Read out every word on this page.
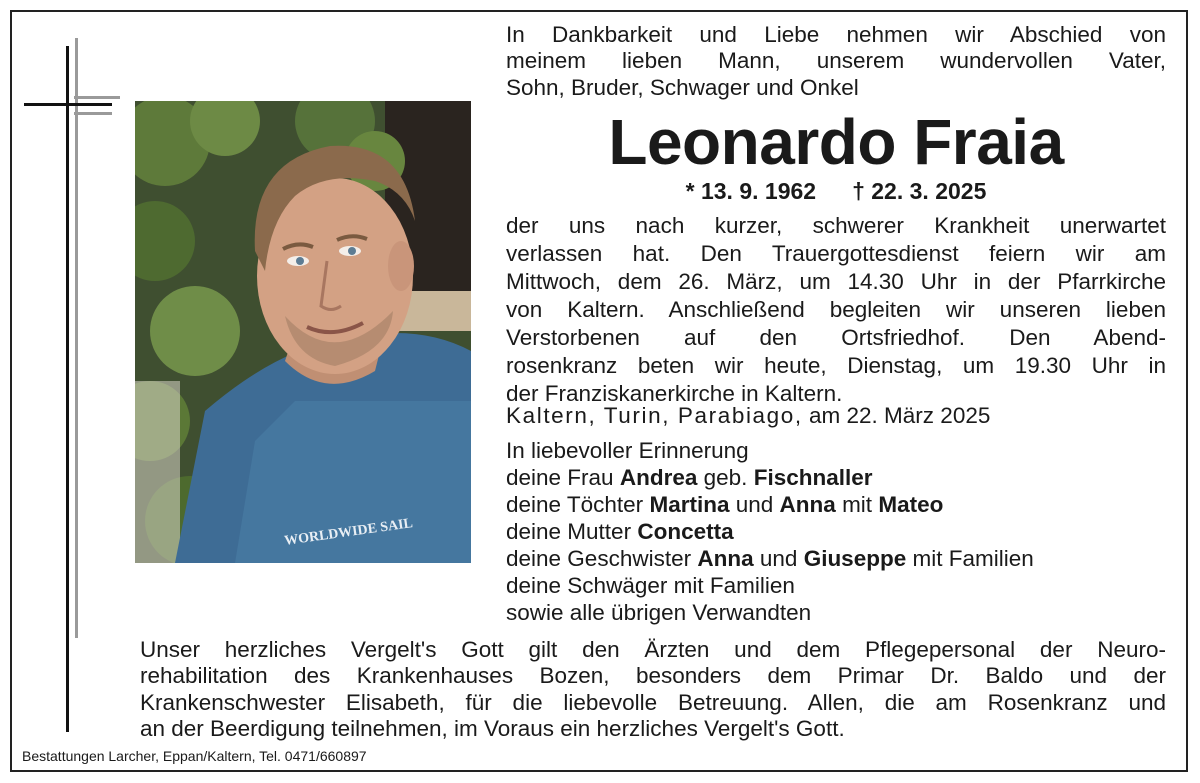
WORLDWIDE SAIL
In Dankbarkeit und Liebe nehmen wir Abschied von
meinem lieben Mann, unserem wundervollen Vater,
Sohn, Bruder, Schwager und Onkel
Leonardo Fraia
* 13. 9. 1962 † 22. 3. 2025
der uns nach kurzer, schwerer Krankheit unerwartet
verlassen hat. Den Trauergottesdienst feiern wir am
Mittwoch, dem 26. März, um 14.30 Uhr in der Pfarrkirche
von Kaltern. Anschließend begleiten wir unseren lieben
Verstorbenen auf den Ortsfriedhof. Den Abend-
rosenkranz beten wir heute, Dienstag, um 19.30 Uhr in
der Franziskanerkirche in Kaltern.
Kaltern, Turin, Parabiago, am 22. März 2025
In liebevoller Erinnerung
deine Frau Andrea geb. Fischnaller
deine Töchter Martina und Anna mit Mateo
deine Mutter Concetta
deine Geschwister Anna und Giuseppe mit Familien
deine Schwäger mit Familien
sowie alle übrigen Verwandten
Unser herzliches Vergelt's Gott gilt den Ärzten und dem Pflegepersonal der Neuro-
rehabilitation des Krankenhauses Bozen, besonders dem Primar Dr. Baldo und der
Krankenschwester Elisabeth, für die liebevolle Betreuung. Allen, die am Rosenkranz und
an der Beerdigung teilnehmen, im Voraus ein herzliches Vergelt's Gott.
Bestattungen Larcher, Eppan/Kaltern, Tel. 0471/660897
